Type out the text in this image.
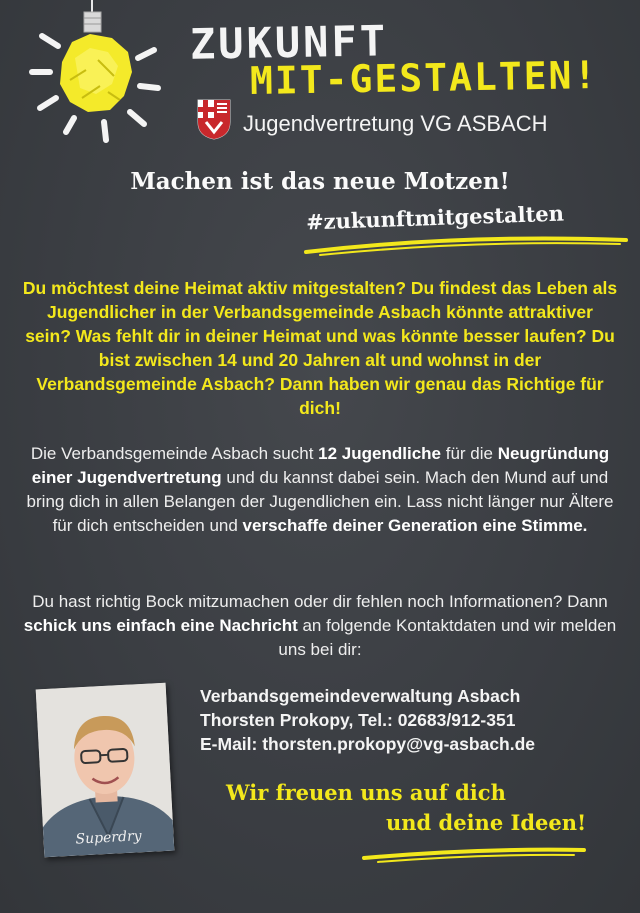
ZUKUNFT
MIT-GESTALTEN!
Jugendvertretung VG ASBACH
Machen ist das neue Motzen!
#zukunftmitgestalten
Du möchtest deine Heimat aktiv mitgestalten? Du findest das Leben als Jugendlicher in der Verbandsgemeinde Asbach könnte attraktiver sein? Was fehlt dir in deiner Heimat und was könnte besser laufen? Du bist zwischen 14 und 20 Jahren alt und wohnst in der Verbandsgemeinde Asbach? Dann haben wir genau das Richtige für dich!
Die Verbandsgemeinde Asbach sucht 12 Jugendliche für die Neugründung einer Jugendvertretung und du kannst dabei sein. Mach den Mund auf und bring dich in allen Belangen der Jugendlichen ein. Lass nicht länger nur Ältere für dich entscheiden und verschaffe deiner Generation eine Stimme.
Du hast richtig Bock mitzumachen oder dir fehlen noch Informationen? Dann schick uns einfach eine Nachricht an folgende Kontaktdaten und wir melden uns bei dir:
Superdry
Verbandsgemeindeverwaltung Asbach
Thorsten Prokopy, Tel.: 02683/912-351
E-Mail: thorsten.prokopy@vg-asbach.de
Wir freuen uns auf dich
und deine Ideen!
